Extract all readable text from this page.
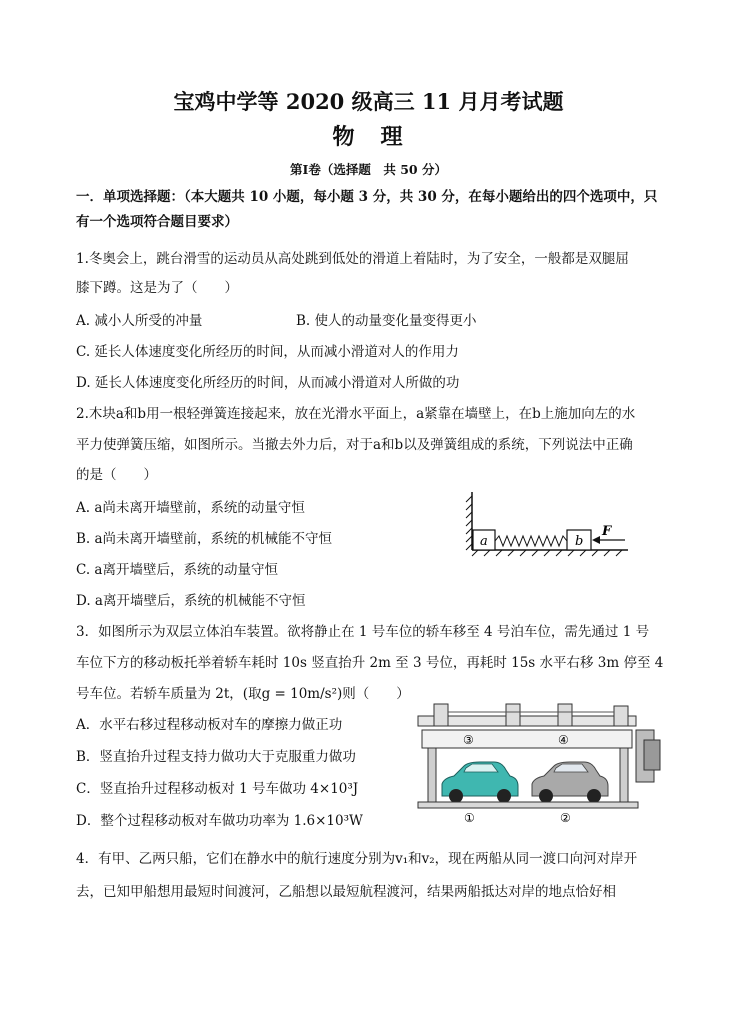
宝鸡中学等 2020 级高三 11 月月考试题
物　理
第Ⅰ卷（选择题　共 50 分）
一．单项选择题：（本大题共 10 小题，每小题 3 分，共 30 分，在每小题给出的四个选项中，只
有一个选项符合题目要求）
1.冬奥会上，跳台滑雪的运动员从高处跳到低处的滑道上着陆时，为了安全，一般都是双腿屈
膝下蹲。这是为了（　　）
A. 减小人所受的冲量	B. 使人的动量变化量变得更小
C. 延长人体速度变化所经历的时间，从而减小滑道对人的作用力
D. 延长人体速度变化所经历的时间，从而减小滑道对人所做的功
2.木块a和b用一根轻弹簧连接起来，放在光滑水平面上，a紧靠在墙壁上，在b上施加向左的水
平力使弹簧压缩，如图所示。当撤去外力后，对于a和b以及弹簧组成的系统，下列说法中正确
的是（　　）
A. a尚未离开墙壁前，系统的动量守恒
B. a尚未离开墙壁前，系统的机械能不守恒
C. a离开墙壁后，系统的动量守恒
D. a离开墙壁后，系统的机械能不守恒
a	b
F
3．如图所示为双层立体泊车装置。欲将静止在 1 号车位的轿车移至 4 号泊车位，需先通过 1 号
车位下方的移动板托举着轿车耗时 10s 竖直抬升 2m 至 3 号位，再耗时 15s 水平右移 3m 停至 4
号车位。若轿车质量为 2t，(取g = 10m/s²)则（　　）
A．水平右移过程移动板对车的摩擦力做正功
B．竖直抬升过程支持力做功大于克服重力做功
C．竖直抬升过程移动板对 1 号车做功 4×10³J
D．整个过程移动板对车做功功率为 1.6×10³W
③	④
①	②
4．有甲、乙两只船，它们在静水中的航行速度分别为v₁和v₂，现在两船从同一渡口向河对岸开
去，已知甲船想用最短时间渡河，乙船想以最短航程渡河，结果两船抵达对岸的地点恰好相
